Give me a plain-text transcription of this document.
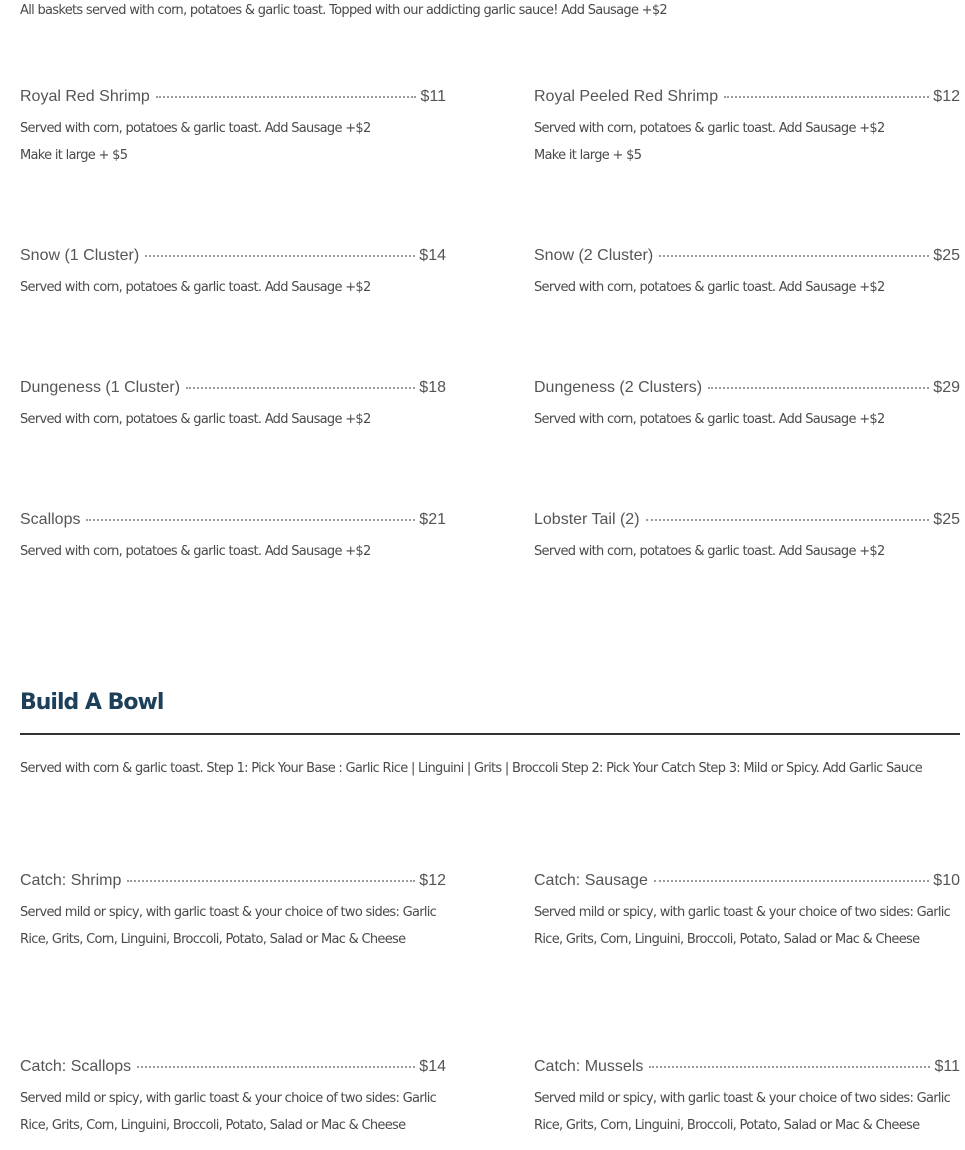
All baskets served with corn, potatoes & garlic toast. Topped with our addicting garlic sauce! Add Sausage +$2
Royal Red Shrimp	$11
Served with corn, potatoes & garlic toast. Add Sausage +$2
Make it large + $5
Royal Peeled Red Shrimp	$12
Served with corn, potatoes & garlic toast. Add Sausage +$2
Make it large + $5
Snow (1 Cluster)	$14
Served with corn, potatoes & garlic toast. Add Sausage +$2
Snow (2 Cluster)	$25
Served with corn, potatoes & garlic toast. Add Sausage +$2
Dungeness (1 Cluster)	$18
Served with corn, potatoes & garlic toast. Add Sausage +$2
Dungeness (2 Clusters)	$29
Served with corn, potatoes & garlic toast. Add Sausage +$2
Scallops	$21
Served with corn, potatoes & garlic toast. Add Sausage +$2
Lobster Tail (2)	$25
Served with corn, potatoes & garlic toast. Add Sausage +$2
Build A Bowl
Served with corn & garlic toast. Step 1: Pick Your Base : Garlic Rice | Linguini | Grits | Broccoli Step 2: Pick Your Catch Step 3: Mild or Spicy. Add Garlic Sauce
Catch: Shrimp	$12
Served mild or spicy, with garlic toast & your choice of two sides: Garlic Rice, Grits, Corn, Linguini, Broccoli, Potato, Salad or Mac & Cheese
Catch: Sausage	$10
Served mild or spicy, with garlic toast & your choice of two sides: Garlic Rice, Grits, Corn, Linguini, Broccoli, Potato, Salad or Mac & Cheese
Catch: Scallops	$14
Served mild or spicy, with garlic toast & your choice of two sides: Garlic Rice, Grits, Corn, Linguini, Broccoli, Potato, Salad or Mac & Cheese
Catch: Mussels	$11
Served mild or spicy, with garlic toast & your choice of two sides: Garlic Rice, Grits, Corn, Linguini, Broccoli, Potato, Salad or Mac & Cheese
